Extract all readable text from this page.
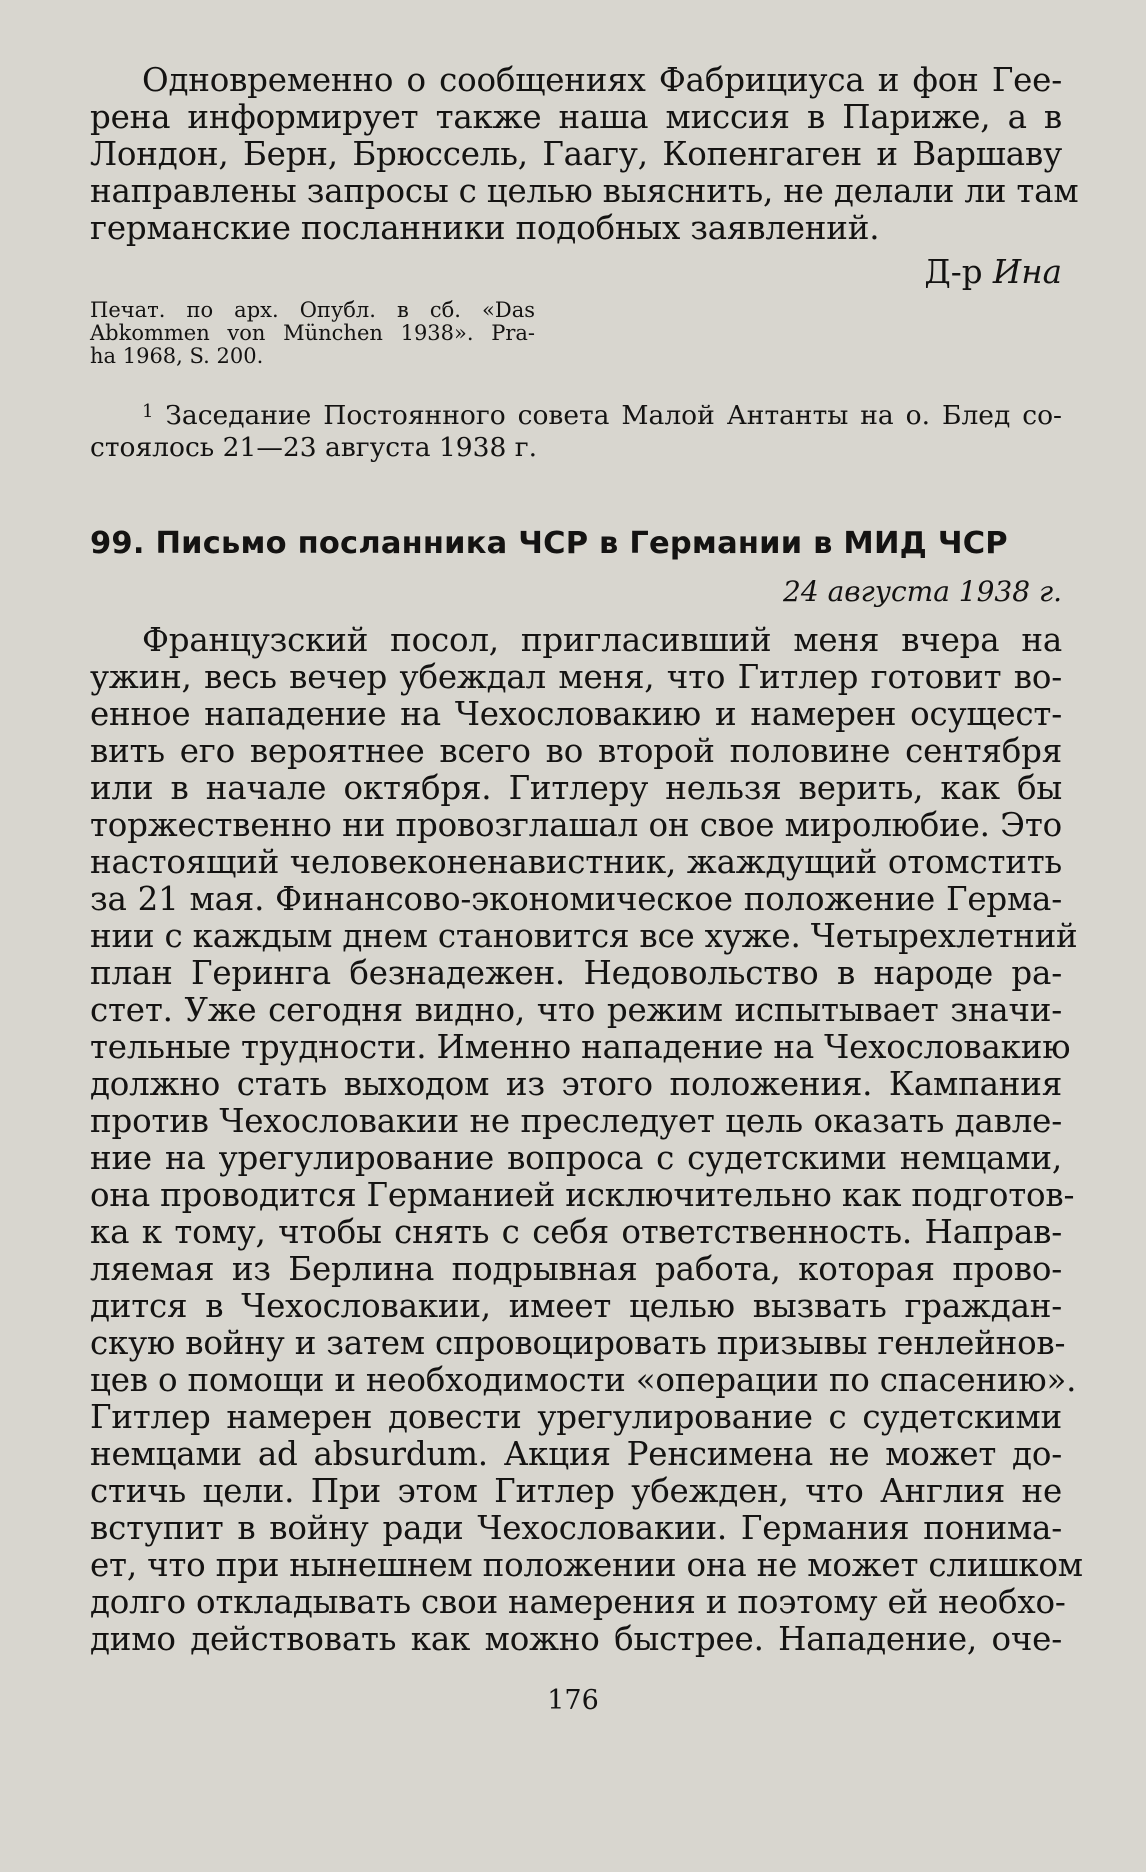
Одновременно о сообщениях Фабрициуса и фон Гее-
рена информирует также наша миссия в Париже, а в
Лондон, Берн, Брюссель, Гаагу, Копенгаген и Варшаву
направлены запросы с целью выяснить, не делали ли там
германские посланники подобных заявлений.
Д-р Ина
Печат. по арх. Опубл. в сб. «Das
Abkommen von München 1938». Pra-
ha 1968, S. 200.
$^1$ Заседание Постоянного совета Малой Антанты на о. Блед со-
стоялось 21—23 августа 1938 г.
99. Письмо посланника ЧСР в Германии в МИД ЧСР
24 августа 1938 г.
Французский посол, пригласивший меня вчера на
ужин, весь вечер убеждал меня, что Гитлер готовит во-
енное нападение на Чехословакию и намерен осущест-
вить его вероятнее всего во второй половине сентября
или в начале октября. Гитлеру нельзя верить, как бы
торжественно ни провозглашал он свое миролюбие. Это
настоящий человеконенавистник, жаждущий отомстить
за 21 мая. Финансово-экономическое положение Герма-
нии с каждым днем становится все хуже. Четырехлетний
план Геринга безнадежен. Недовольство в народе ра-
стет. Уже сегодня видно, что режим испытывает значи-
тельные трудности. Именно нападение на Чехословакию
должно стать выходом из этого положения. Кампания
против Чехословакии не преследует цель оказать давле-
ние на урегулирование вопроса с судетскими немцами,
она проводится Германией исключительно как подготов-
ка к тому, чтобы снять с себя ответственность. Направ-
ляемая из Берлина подрывная работа, которая прово-
дится в Чехословакии, имеет целью вызвать граждан-
скую войну и затем спровоцировать призывы генлейнов-
цев о помощи и необходимости «операции по спасению».
Гитлер намерен довести урегулирование с судетскими
немцами ad absurdum. Акция Ренсимена не может до-
стичь цели. При этом Гитлер убежден, что Англия не
вступит в войну ради Чехословакии. Германия понима-
ет, что при нынешнем положении она не может слишком
долго откладывать свои намерения и поэтому ей необхо-
димо действовать как можно быстрее. Нападение, оче-
176
